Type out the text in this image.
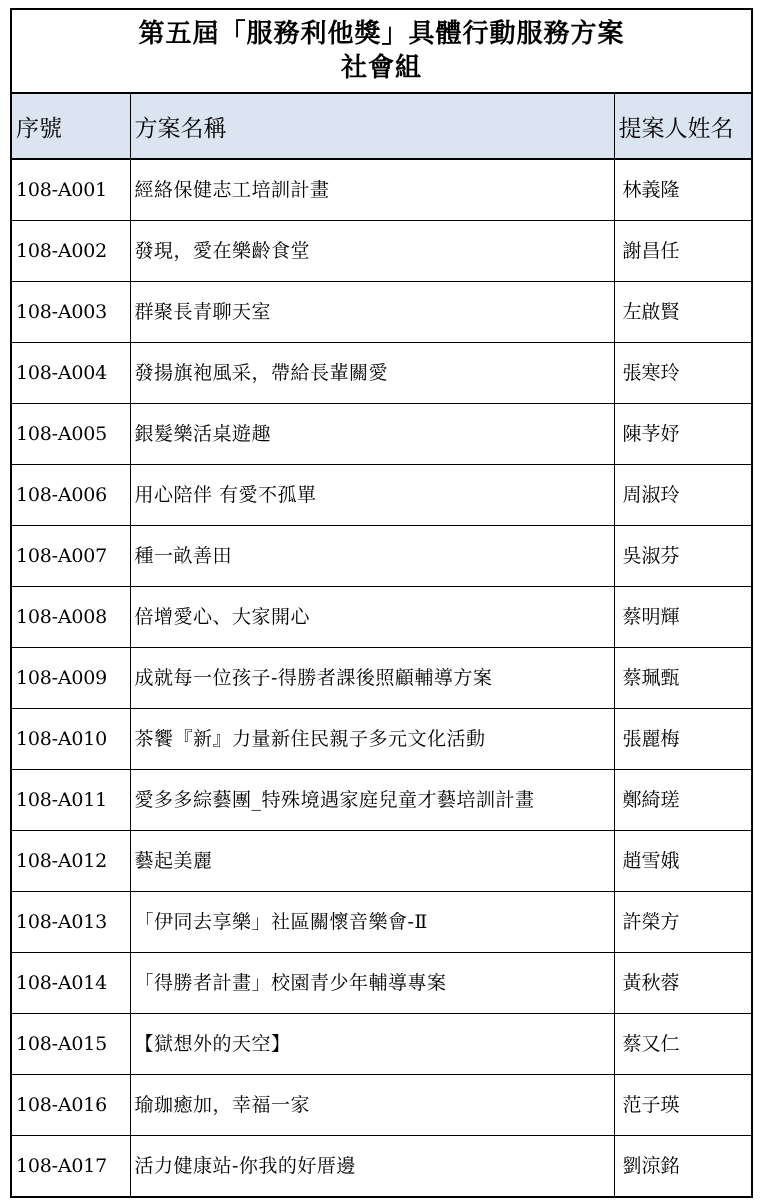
第五屆「服務利他獎」具體行動服務方案
社會組
序號	方案名稱	提案人姓名
108-A001	經絡保健志工培訓計畫	林義隆
108-A002	發現，愛在樂齡食堂	謝昌任
108-A003	群聚長青聊天室	左啟賢
108-A004	發揚旗袍風采，帶給長輩關愛	張寒玲
108-A005	銀髮樂活桌遊趣	陳芧妤
108-A006	用心陪伴 有愛不孤單	周淑玲
108-A007	種一畝善田	吳淑芬
108-A008	倍增愛心、大家開心	蔡明輝
108-A009	成就每一位孩子-得勝者課後照顧輔導方案	蔡珮甄
108-A010	茶饗『新』力量新住民親子多元文化活動	張麗梅
108-A011	愛多多綜藝團_特殊境遇家庭兒童才藝培訓計畫	鄭綺瑳
108-A012	藝起美麗	趙雪娥
108-A013	「伊同去享樂」社區關懷音樂會-Ⅱ	許榮方
108-A014	「得勝者計畫」校園青少年輔導專案	黃秋蓉
108-A015	【獄想外的天空】	蔡又仁
108-A016	瑜珈癒加，幸福一家	范子瑛
108-A017	活力健康站-你我的好厝邊	劉涼銘
